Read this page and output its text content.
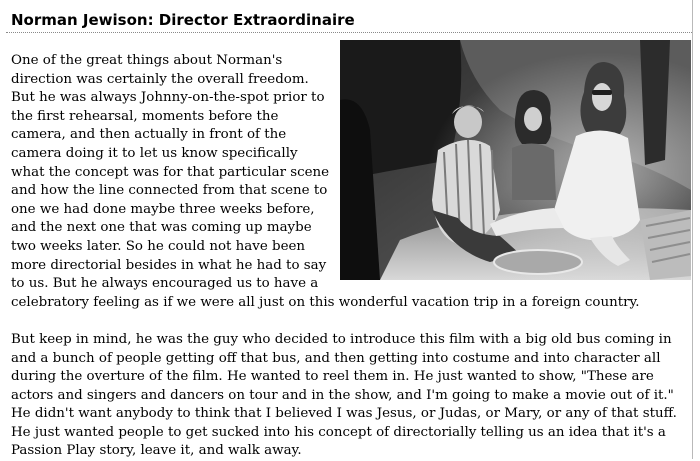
Norman Jewison: Director Extraordinaire

One of the great things about Norman's direction was certainly the overall freedom. But he was always Johnny-on-the-spot prior to the first rehearsal, moments before the camera, and then actually in front of the camera doing it to let us know specifically what the concept was for that particular scene and how the line connected from that scene to one we had done maybe three weeks before, and the next one that was coming up maybe two weeks later. So he could not have been more directorial besides in what he had to say to us. But he always encouraged us to have a celebratory feeling as if we were all just on this wonderful vacation trip in a foreign country.

But keep in mind, he was the guy who decided to introduce this film with a big old bus coming in and a bunch of people getting off that bus, and then getting into costume and into character all during the overture of the film. He wanted to reel them in. He just wanted to show, "These are actors and singers and dancers on tour and in the show, and I'm going to make a movie out of it." He didn't want anybody to think that I believed I was Jesus, or Judas, or Mary, or any of that stuff. He just wanted people to get sucked into his concept of directorially telling us an idea that it's a Passion Play story, leave it, and walk away.
